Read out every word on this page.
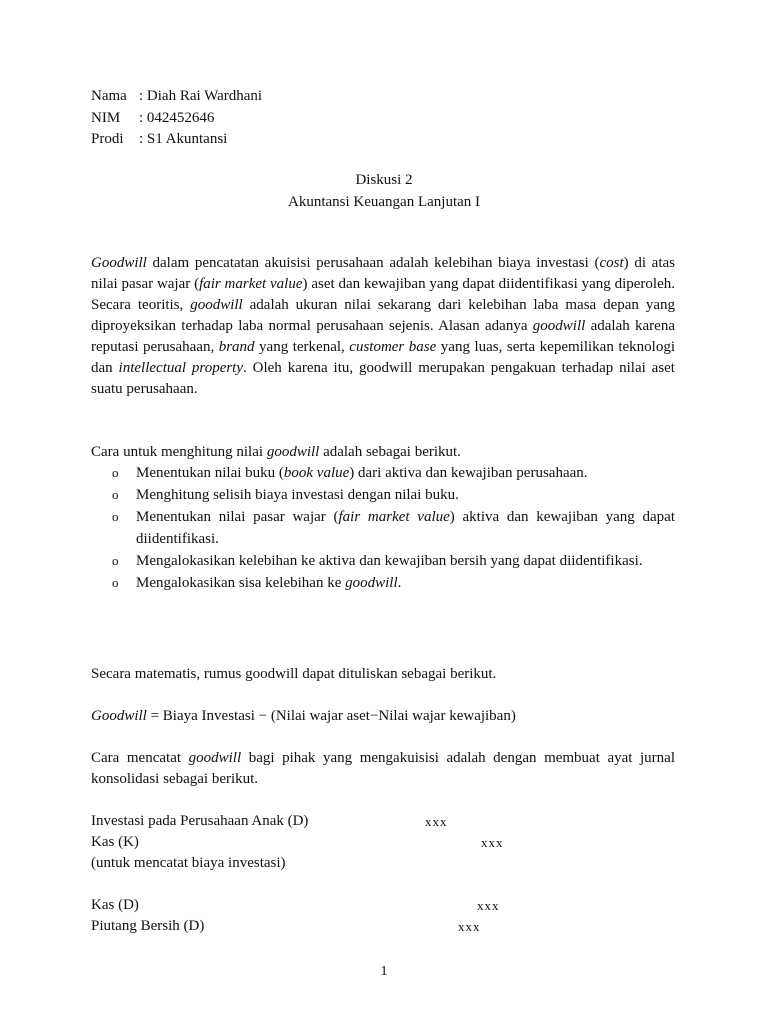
Nama : Diah Rai Wardhani
NIM	: 042452646
Prodi	: S1 Akuntansi
Diskusi 2
Akuntansi Keuangan Lanjutan I
Goodwill dalam pencatatan akuisisi perusahaan adalah kelebihan biaya investasi (cost) di atas nilai pasar wajar (fair market value) aset dan kewajiban yang dapat diidentifikasi yang diperoleh. Secara teoritis, goodwill adalah ukuran nilai sekarang dari kelebihan laba masa depan yang diproyeksikan terhadap laba normal perusahaan sejenis. Alasan adanya goodwill adalah karena reputasi perusahaan, brand yang terkenal, customer base yang luas, serta kepemilikan teknologi dan intellectual property. Oleh karena itu, goodwill merupakan pengakuan terhadap nilai aset suatu perusahaan.
Cara untuk menghitung nilai goodwill adalah sebagai berikut.
o Menentukan nilai buku (book value) dari aktiva dan kewajiban perusahaan.
o Menghitung selisih biaya investasi dengan nilai buku.
o Menentukan nilai pasar wajar (fair market value) aktiva dan kewajiban yang dapat diidentifikasi.
o Mengalokasikan kelebihan ke aktiva dan kewajiban bersih yang dapat diidentifikasi.
o Mengalokasikan sisa kelebihan ke goodwill.
Secara matematis, rumus goodwill dapat dituliskan sebagai berikut.
Goodwill = Biaya Investasi − (Nilai wajar aset−Nilai wajar kewajiban)
Cara mencatat goodwill bagi pihak yang mengakuisisi adalah dengan membuat ayat jurnal konsolidasi sebagai berikut.
Investasi pada Perusahaan Anak (D)	xxx
Kas (K)	xxx
(untuk mencatat biaya investasi)
Kas (D)	xxx
Piutang Bersih (D)	xxx
1
